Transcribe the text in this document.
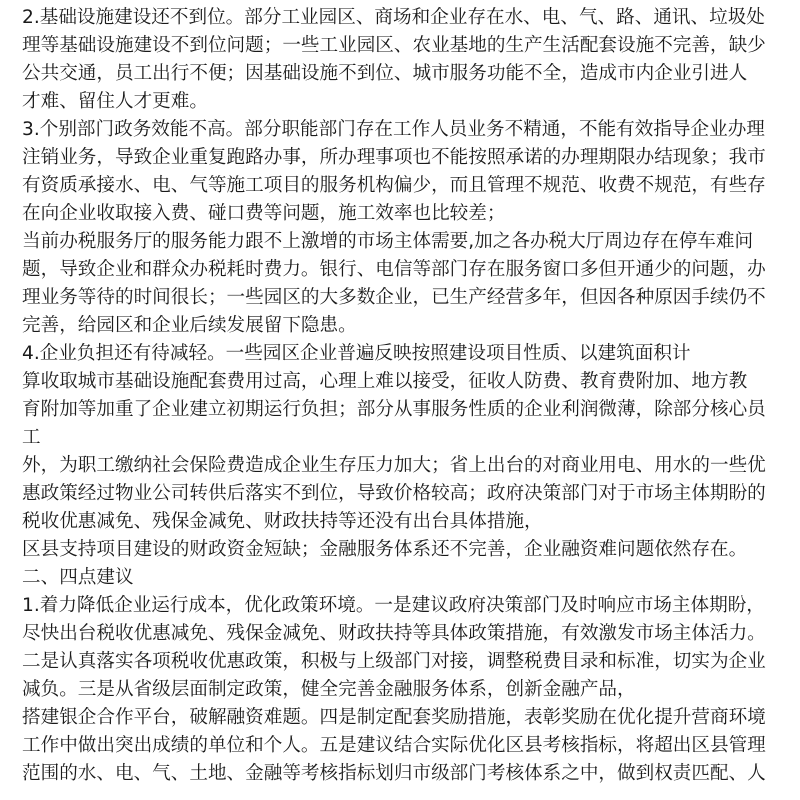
2.基础设施建设还不到位。部分工业园区、商场和企业存在水、电、气、路、通讯、垃圾处
理等基础设施建设不到位问题；一些工业园区、农业基地的生产生活配套设施不完善，缺少
公共交通，员工出行不便；因基础设施不到位、城市服务功能不全，造成市内企业引进人
才难、留住人才更难。
3.个别部门政务效能不高。部分职能部门存在工作人员业务不精通，不能有效指导企业办理
注销业务，导致企业重复跑路办事，所办理事项也不能按照承诺的办理期限办结现象；我市
有资质承接水、电、气等施工项目的服务机构偏少，而且管理不规范、收费不规范，有些存
在向企业收取接入费、碰口费等问题，施工效率也比较差；
当前办税服务厅的服务能力跟不上激增的市场主体需要,加之各办税大厅周边存在停车难问
题，导致企业和群众办税耗时费力。银行、电信等部门存在服务窗口多但开通少的问题，办
理业务等待的时间很长；一些园区的大多数企业，已生产经营多年，但因各种原因手续仍不
完善，给园区和企业后续发展留下隐患。
4.企业负担还有待减轻。一些园区企业普遍反映按照建设项目性质、以建筑面积计
算收取城市基础设施配套费用过高，心理上难以接受，征收人防费、教育费附加、地方教
育附加等加重了企业建立初期运行负担；部分从事服务性质的企业利润微薄，除部分核心员
工
外，为职工缴纳社会保险费造成企业生存压力加大；省上出台的对商业用电、用水的一些优
惠政策经过物业公司转供后落实不到位，导致价格较高；政府决策部门对于市场主体期盼的
税收优惠减免、残保金减免、财政扶持等还没有出台具体措施，
区县支持项目建设的财政资金短缺；金融服务体系还不完善，企业融资难问题依然存在。
二、四点建议
1.着力降低企业运行成本，优化政策环境。一是建议政府决策部门及时响应市场主体期盼，
尽快出台税收优惠减免、残保金减免、财政扶持等具体政策措施，有效激发市场主体活力。
二是认真落实各项税收优惠政策，积极与上级部门对接，调整税费目录和标准，切实为企业
减负。三是从省级层面制定政策，健全完善金融服务体系，创新金融产品，
搭建银企合作平台，破解融资难题。四是制定配套奖励措施，表彰奖励在优化提升营商环境
工作中做出突出成绩的单位和个人。五是建议结合实际优化区县考核指标，将超出区县管理
范围的水、电、气、土地、金融等考核指标划归市级部门考核体系之中，做到权责匹配、人
